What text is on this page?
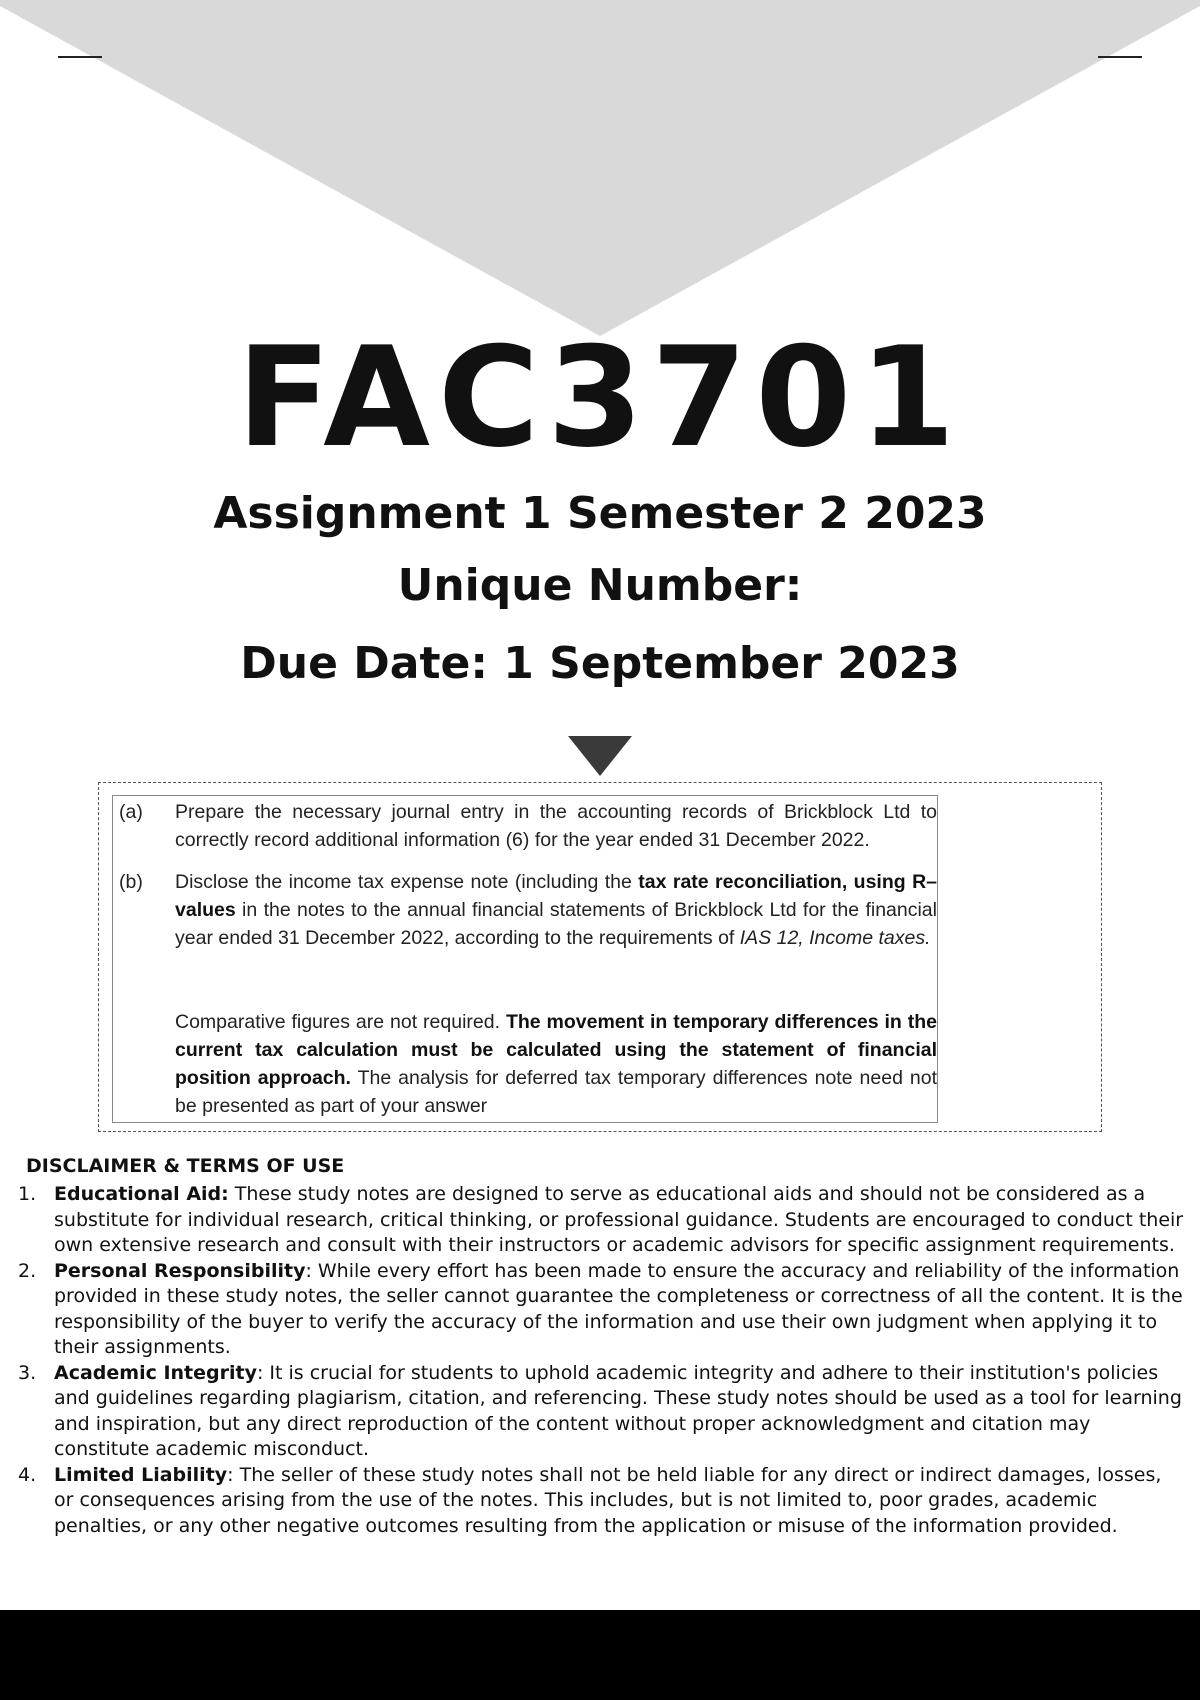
FAC3701
Assignment 1 Semester 2 2023
Unique Number:
Due Date: 1 September 2023
(a)	Prepare the necessary journal entry in the accounting records of Brickblock Ltd to correctly record additional information (6) for the year ended 31 December 2022.
(b)	Disclose the income tax expense note (including the tax rate reconciliation, using R–values in the notes to the annual financial statements of Brickblock Ltd for the financial year ended 31 December 2022, according to the requirements of IAS 12, Income taxes.
Comparative figures are not required. The movement in temporary differences in the current tax calculation must be calculated using the statement of financial position approach. The analysis for deferred tax temporary differences note need not be presented as part of your answer
DISCLAIMER & TERMS OF USE
1. Educational Aid: These study notes are designed to serve as educational aids and should not be considered as a substitute for individual research, critical thinking, or professional guidance. Students are encouraged to conduct their own extensive research and consult with their instructors or academic advisors for specific assignment requirements.
2. Personal Responsibility: While every effort has been made to ensure the accuracy and reliability of the information provided in these study notes, the seller cannot guarantee the completeness or correctness of all the content. It is the responsibility of the buyer to verify the accuracy of the information and use their own judgment when applying it to their assignments.
3. Academic Integrity: It is crucial for students to uphold academic integrity and adhere to their institution's policies and guidelines regarding plagiarism, citation, and referencing. These study notes should be used as a tool for learning and inspiration, but any direct reproduction of the content without proper acknowledgment and citation may constitute academic misconduct.
4. Limited Liability: The seller of these study notes shall not be held liable for any direct or indirect damages, losses, or consequences arising from the use of the notes. This includes, but is not limited to, poor grades, academic penalties, or any other negative outcomes resulting from the application or misuse of the information provided.
